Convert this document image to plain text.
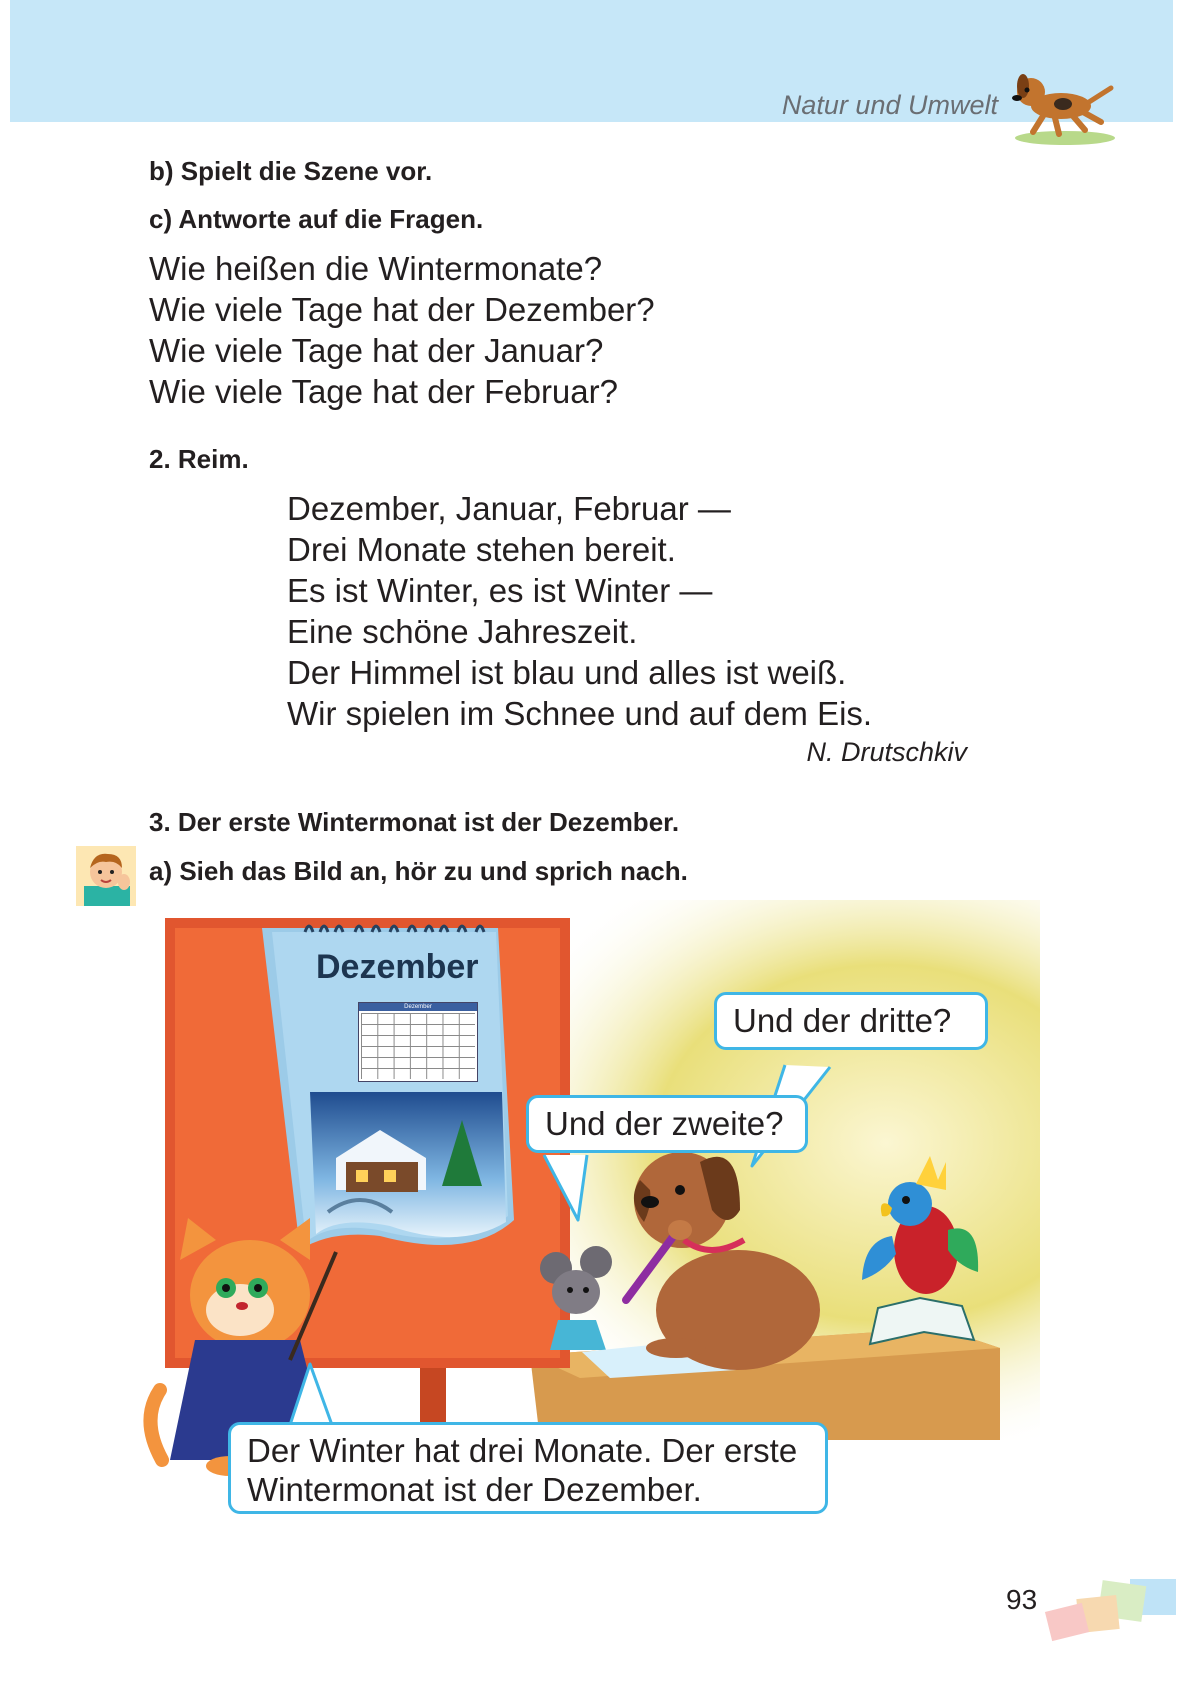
Natur und Umwelt
b) Spielt die Szene vor.
c) Antworte auf die Fragen.
Wie heißen die Wintermonate?
Wie viele Tage hat der Dezember?
Wie viele Tage hat der Januar?
Wie viele Tage hat der Februar?
2. Reim.
Dezember, Januar, Februar —
Drei Monate stehen bereit.
Es ist Winter, es ist Winter —
Eine schöne Jahreszeit.
Der Himmel ist blau und alles ist weiß.
Wir spielen im Schnee und auf dem Eis.
N. Drutschkiv
3. Der erste Wintermonat ist der Dezember.
a) Sieh das Bild an, hör zu und sprich nach.
Dezember
Dezember	Und der dritte?
Und der zweite?
Der Winter hat drei Monate. Der erste
Wintermonat ist der Dezember.
93
